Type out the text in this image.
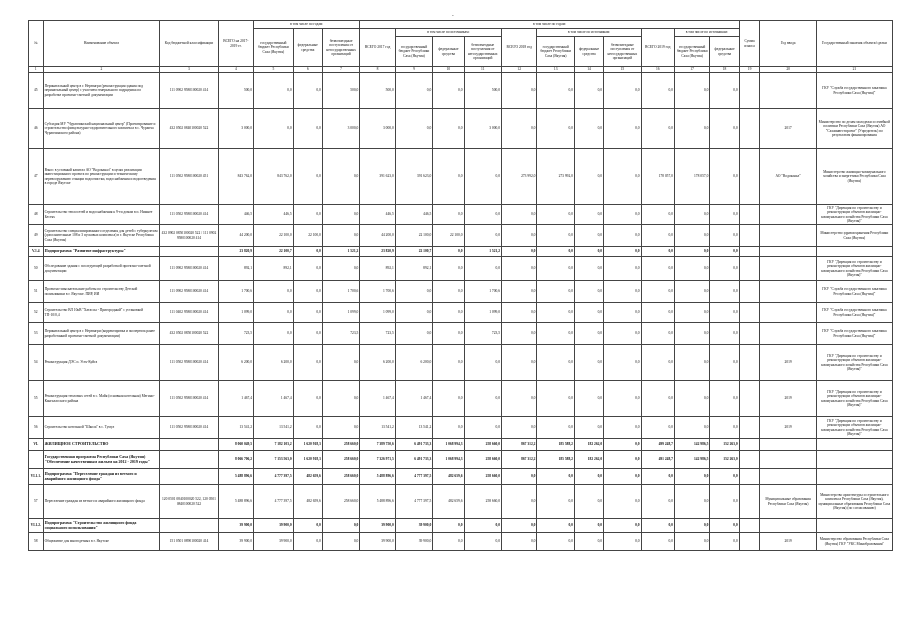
-
№	Наименование объекта	Код бюджетной классификации	ВСЕГО на 2017-2019 гг.	в том числе по годам:			в том числе по годам:											Сумма износа	Год ввода	Государственный заказчик объекта/сделки
				государственный бюджет Республики Саха (Якутия)	федеральные средства	безвозмездные поступления от негосударственных организаций	ВСЕГО 2017 год	в том числе по источникам:			ВСЕГО 2018 год	в том числе по источникам:			ВСЕГО 2019 год	в том числе по источникам:				
								государственный бюджет Республики Саха (Якутия)	федеральные средства	безвозмездные поступления от негосударственных организаций		государственный бюджет Республики Саха (Якутия)	федеральные средства	безвозмездные поступления от негосударственных организаций		государственный бюджет Республики Саха (Якутия)	федеральные средства			
1	2	3	4	5	6	7	8	9	10	11	12	13	14	15	16	17	18	19	20	21
45	Перинатальный центр в г. Нерюнгри (реконструкция здания под перинатальный центр) с участием генерального подрядчика по разработке проектно-сметной документации	111 0902 9580100020 414	500,0	0,0	0,0	500,0	500,0	0,0	0,0	500,0	0,0	0,0	0,0	0,0	0,0	0,0	0,0			ГКУ "Служба государственного заказчика Республики Саха (Якутия)"
46	Субсидия МУ "Чурапчинский национальный центр" (Проектирование и строительство физкультурно-оздоровительного комплекса в с. Чурапча Чурапчинского района)	432 0502 0840100020 522	3 000,0	0,0	0,0	3 000,0	3 000,0	0,0	0,0	3 000,0	0,0	0,0	0,0	0,0	0,0	0,0	0,0		2017	Министерство по делам молодежи и семейной политики Республики Саха (Якутия) АО "Сахаинвестпроект" (Учредитель) по результатам финансирования
47	Взнос в уставный капитал АО "Водоканал" в целях реализации инвестиционного проекта по реконструкции и техническому перевооружению станции водоочистки, водоснабжения и водоотведения в городе Якутске	111 0502 9580100020 451	843 762,0	843 762,0	0,0	0,0	391 623,0	391 623,0	0,0	0,0	273 992,0	273 992,0	0,0	0,0	178 057,0	178 057,0	0,0		АО "Водоканал"	Министерство жилищно-коммунального хозяйства и энергетики Республики Саха (Якутия)
48	Строительство теплосетей и водоснабжения к 9-ти домам в п. Нижнее Бестях	111 0502 9580100020 414	446,5	446,5	0,0	0,0	446,5	446,5	0,0	0,0	0,0	0,0	0,0	0,0	0,0	0,0	0,0			ГКУ "Дирекция по строительству и реконструкции объектов жилищно-коммунального хозяйства Республики Саха (Якутия)"
49	Строительство специализированного отделения для детей с туберкулезом (дополнительные 108 и 3 пусковых комплекса) в г. Якутске Республика Саха (Якутия)	432 0902 0850100020 522 / 111 0902 9580100020 414	44 200,0	22 100,0	22 100,0	0,0	44 200,0	22 100,0	22 100,0	0,0	0,0	0,0	0,0	0,0	0,0	0,0	0,0			Министерство здравоохранения Республики Саха (Якутия)
V.1.4	Подпрограмма "Развитие инфраструктуры"		23 820,9	22 100,7	0,0	1 521,2	23 820,9	22 100,7	0,0	1 521,2	0,0	0,0	0,0	0,0	0,0	0,0	0,0			
50	Обследование здания с последующей разработкой проектно-сметной документации	111 0902 9580100020 414	892,1	892,1	0,0	0,0	892,1	892,1	0,0	0,0	0,0	0,0	0,0	0,0	0,0	0,0	0,0			ГКУ "Дирекция по строительству и реконструкции объектов жилищно-коммунального хозяйства Республики Саха (Якутия)"
51	Проектно-изыскательские работы по строительству Детской поликлиники в г. Якутске. ПИР, ИИ	111 0902 9580100020 414	1 700,6	0,0	0,0	1 700,6	1 700,6	0,0	0,0	1 700,6	0,0	0,0	0,0	0,0	0,0	0,0	0,0			ГКУ "Служба государственного заказчика Республики Саха (Якутия)"
52	Строительство ВЛ 10кВ "Хатассы - Пригородный" с установкой ТП-10/0,4	111 0402 9580100020 414	1 099,0	0,0	0,0	1 099,0	1 099,0	0,0	0,0	1 099,0	0,0	0,0	0,0	0,0	0,0	0,0	0,0			ГКУ "Служба государственного заказчика Республики Саха (Якутия)"
53	Перинатальный центр в г. Нерюнгри (корректировка и экспертиза ранее разработанной проектно-сметной документации)	432 0502 0850100020 522	723,5	0,0	0,0	723,5	723,5	0,0	0,0	723,5	0,0	0,0	0,0	0,0	0,0	0,0	0,0			ГКУ "Служба государственного заказчика Республики Саха (Якутия)"
54	Реконструкция ДЭС п. Усть-Куйга	111 0502 9580100020 414	6 200,0	6 200,0	0,0	0,0	6 200,0	6 200,0	0,0	0,0	0,0	0,0	0,0	0,0	0,0	0,0	0,0		2019	ГКУ "Дирекция по строительству и реконструкции объектов жилищно-коммунального хозяйства Республики Саха (Якутия)"
55	Реконструкция тепловых сетей в с. Майя (основная котельная) Мегино-Кангаласского района	111 0502 9580100020 414	1 467,4	1 467,4	0,0	0,0	1 467,4	1 467,4	0,0	0,0	0,0	0,0	0,0	0,0	0,0	0,0	0,0		2019	ГКУ "Дирекция по строительству и реконструкции объектов жилищно-коммунального хозяйства Республики Саха (Якутия)"
56	Строительство котельной "Школа" в с. Тумул	111 0502 9580100020 414	13 541,2	13 541,2	0,0	0,0	13 541,2	13 541,2	0,0	0,0	0,0	0,0	0,0	0,0	0,0	0,0	0,0		2019	ГКУ "Дирекция по строительству и реконструкции объектов жилищно-коммунального хозяйства Республики Саха (Якутия)"
VI.	ЖИЛИЩНОЕ СТРОИТЕЛЬСТВО		8 060 049,5	7 182 103,2	1 620 918,3	258 660,0	7 389 750,6	6 491 733,3	1 068 994,3	258 660,0	867 312,2	185 588,2	182 262,0	0,0	499 248,7	142 986,5	152 263,0			
	Государственная программа Республики Саха (Якутия) "Обеспечение качественным жильем на 2012 - 2019 годы"		8 066 706,2	7 153 563,0	1 620 918,3	258 660,0	7 326 971,5	6 491 733,3	1 068 994,3	258 660,0	867 312,2	185 588,2	182 262,0	0,0	491 248,7	142 986,5	152 263,0			
VI.1.1.	Подпрограмма "Переселение граждан из ветхого и аварийного жилищного фонда"		5 488 896,6	4 777 397,5	482 659,6	258 660,0	5 488 896,6	4 777 397,5	482 659,6	258 660,0	0,0	0,0	0,0	0,0	0,0	0,0	0,0			
57	Переселение граждан из ветхого и аварийного жилищного фонда	120 0501 0840100020 522, 120 0501 0840100020 522	5 488 896,6	4 777 397,5	482 659,6	258 660,0	5 488 896,6	4 777 397,5	482 659,6	258 660,0	0,0	0,0	0,0	0,0	0,0	0,0	0,0		Муниципальные образования Республики Саха (Якутия)	Министерство архитектуры и строительного комплекса Республики Саха (Якутия), муниципальные образования Республики Саха (Якутия) (по согласованию)
VI.1.2.	Подпрограмма "Строительство жилищного фонда социального использования"		39 900,0	39 900,0	0,0	0,0	39 900,0	39 900,0	0,0	0,0	0,0	0,0	0,0	0,0	0,0	0,0	0,0			
58	Общежитие для многодетных в г. Якутске	151 0501 0890100020 414	39 900,0	39 900,0	0,0	0,0	39 900,0	39 900,0	0,0	0,0	0,0	0,0	0,0	0,0	0,0	0,0	0,0		2019	Министерство образования Республики Саха (Якутия) ГКУ "УКС Минобразования"
